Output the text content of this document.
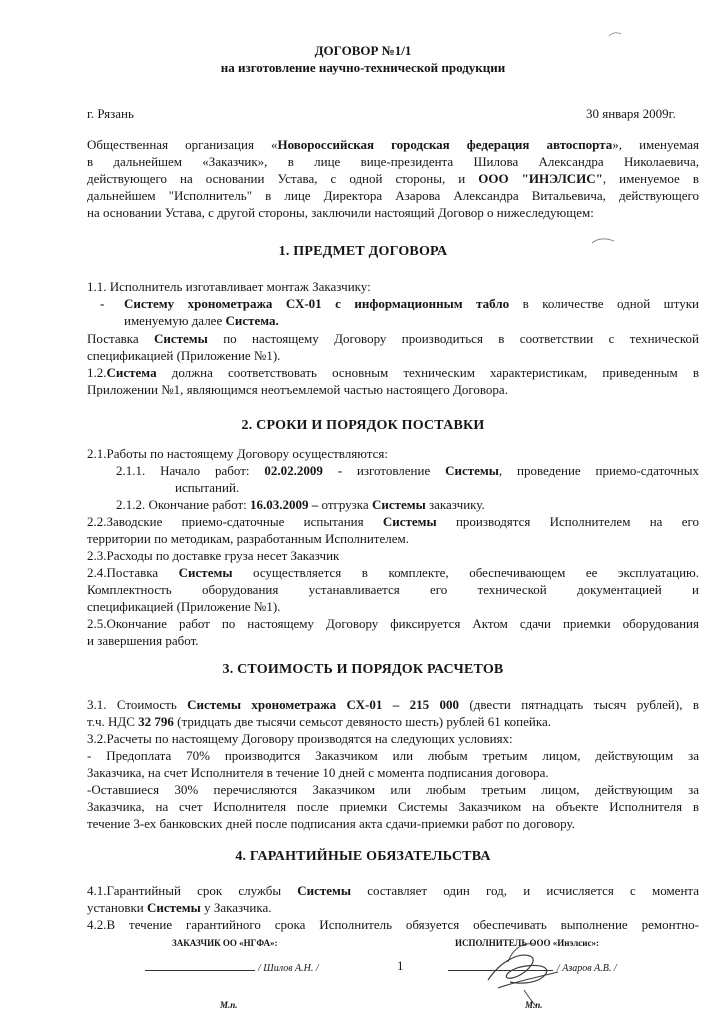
ДОГОВОР №1/1
на изготовление научно-технической продукции
г. Рязань	30 января 2009г.
Общественная организация «Новороссийская городская федерация автоспорта», именуемая
в дальнейшем «Заказчик», в лице вице-президента Шилова Александра Николаевича,
действующего на основании Устава, с одной стороны, и ООО "ИНЭЛСИС", именуемое в
дальнейшем "Исполнитель" в лице Директора Азарова Александра Витальевича, действующего
на основании Устава, с другой стороны, заключили настоящий Договор о нижеследующем:
1. ПРЕДМЕТ ДОГОВОРА
1.1. Исполнитель изготавливает монтаж Заказчику:
- Систему хронометража СХ-01 с информационным табло в количестве одной штуки
именуемую далее Система.
Поставка Системы по настоящему Договору производиться в соответствии с технической
спецификацией (Приложение №1).
1.2.Система должна соответствовать основным техническим характеристикам, приведенным в
Приложении №1, являющимся неотъемлемой частью настоящего Договора.
2. СРОКИ И ПОРЯДОК ПОСТАВКИ
2.1.Работы по настоящему Договору осуществляются:
2.1.1. Начало работ: 02.02.2009 - изготовление Системы, проведение приемо-сдаточных
испытаний.
2.1.2. Окончание работ: 16.03.2009 – отгрузка Системы заказчику.
2.2.Заводские приемо-сдаточные испытания Системы производятся Исполнителем на его
территории по методикам, разработанным Исполнителем.
2.3.Расходы по доставке груза несет Заказчик
2.4.Поставка Системы осуществляется в комплекте, обеспечивающем ее эксплуатацию.
Комплектность оборудования устанавливается его технической документацией и
спецификацией (Приложение №1).
2.5.Окончание работ по настоящему Договору фиксируется Актом сдачи приемки оборудования
и завершения работ.
3. СТОИМОСТЬ И ПОРЯДОК РАСЧЕТОВ
3.1. Стоимость Системы хронометража СХ-01 – 215 000 (двести пятнадцать тысяч рублей), в
т.ч. НДС 32 796 (тридцать две тысячи семьсот девяносто шесть) рублей 61 копейка.
3.2.Расчеты по настоящему Договору производятся на следующих условиях:
- Предоплата 70% производится Заказчиком или любым третьим лицом, действующим за
Заказчика, на счет Исполнителя в течение 10 дней с момента подписания договора.
-Оставшиеся 30% перечисляются Заказчиком или любым третьим лицом, действующим за
Заказчика, на счет Исполнителя после приемки Системы Заказчиком на объекте Исполнителя в
течение 3-ех банковских дней после подписания акта сдачи-приемки работ по договору.
4. ГАРАНТИЙНЫЕ ОБЯЗАТЕЛЬСТВА
4.1.Гарантийный срок службы Системы составляет один год, и исчисляется с момента
установки Системы у Заказчика.
4.2.В течение гарантийного срока Исполнитель обязуется обеспечивать выполнение ремонтно-
ЗАКАЗЧИК ОО «НГФА»:	ИСПОЛНИТЕЛЬ ООО «Инэлсис»:
/ Шилов А.Н. /	1	/ Азаров А.В. /
М.п.	М.п.
